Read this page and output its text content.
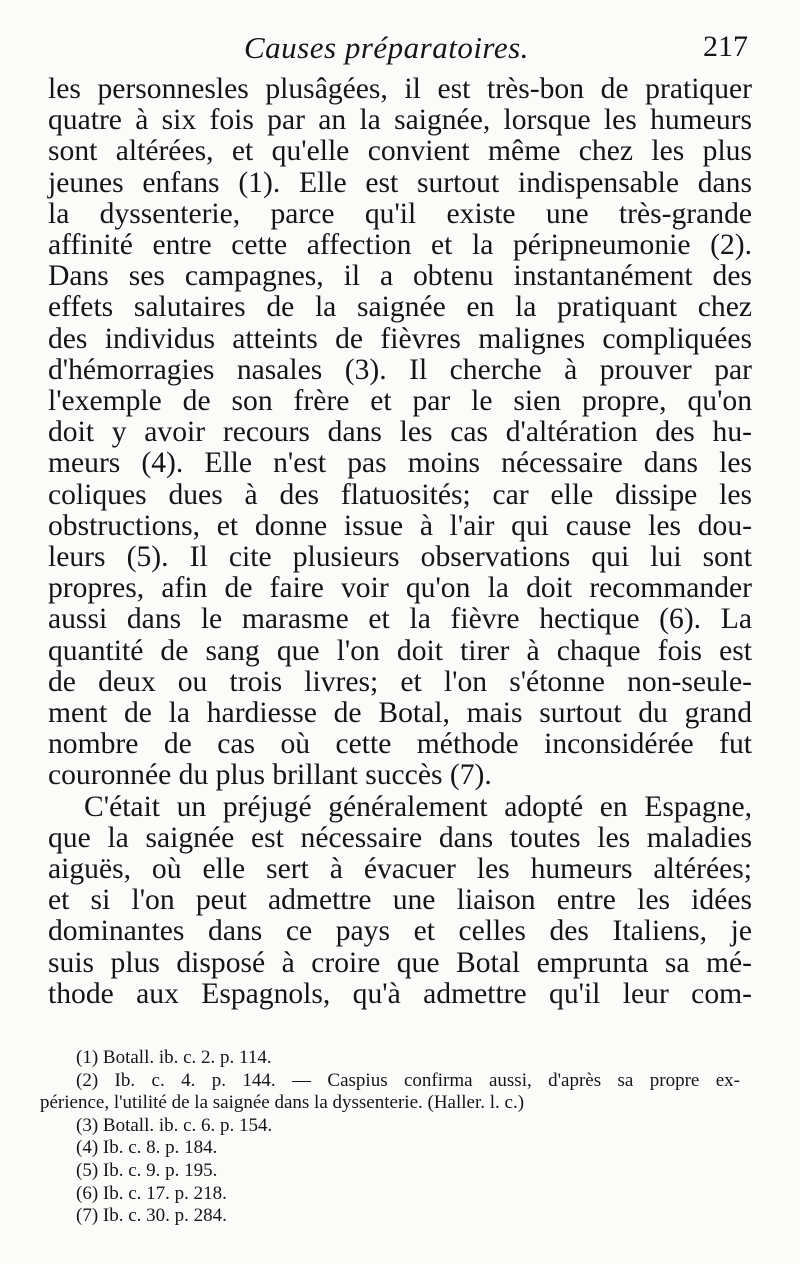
Causes préparatoires.	217
les personnesles plusâgées, il est très-bon de pratiquer
quatre à six fois par an la saignée, lorsque les humeurs
sont altérées, et qu'elle convient même chez les plus
jeunes enfans (1). Elle est surtout indispensable dans
la dyssenterie, parce qu'il existe une très-grande
affinité entre cette affection et la péripneumonie (2).
Dans ses campagnes, il a obtenu instantanément des
effets salutaires de la saignée en la pratiquant chez
des individus atteints de fièvres malignes compliquées
d'hémorragies nasales (3). Il cherche à prouver par
l'exemple de son frère et par le sien propre, qu'on
doit y avoir recours dans les cas d'altération des hu-
meurs (4). Elle n'est pas moins nécessaire dans les
coliques dues à des flatuosités; car elle dissipe les
obstructions, et donne issue à l'air qui cause les dou-
leurs (5). Il cite plusieurs observations qui lui sont
propres, afin de faire voir qu'on la doit recommander
aussi dans le marasme et la fièvre hectique (6). La
quantité de sang que l'on doit tirer à chaque fois est
de deux ou trois livres; et l'on s'étonne non-seule-
ment de la hardiesse de Botal, mais surtout du grand
nombre de cas où cette méthode inconsidérée fut
couronnée du plus brillant succès (7).
C'était un préjugé généralement adopté en Espagne,
que la saignée est nécessaire dans toutes les maladies
aiguës, où elle sert à évacuer les humeurs altérées;
et si l'on peut admettre une liaison entre les idées
dominantes dans ce pays et celles des Italiens, je
suis plus disposé à croire que Botal emprunta sa mé-
thode aux Espagnols, qu'à admettre qu'il leur com-
(1) Botall. ib. c. 2. p. 114.
(2) Ib. c. 4. p. 144. — Caspius confirma aussi, d'après sa propre ex-
périence, l'utilité de la saignée dans la dyssenterie. (Haller. l. c.)
(3) Botall. ib. c. 6. p. 154.
(4) Ib. c. 8. p. 184.
(5) Ib. c. 9. p. 195.
(6) Ib. c. 17. p. 218.
(7) Ib. c. 30. p. 284.
